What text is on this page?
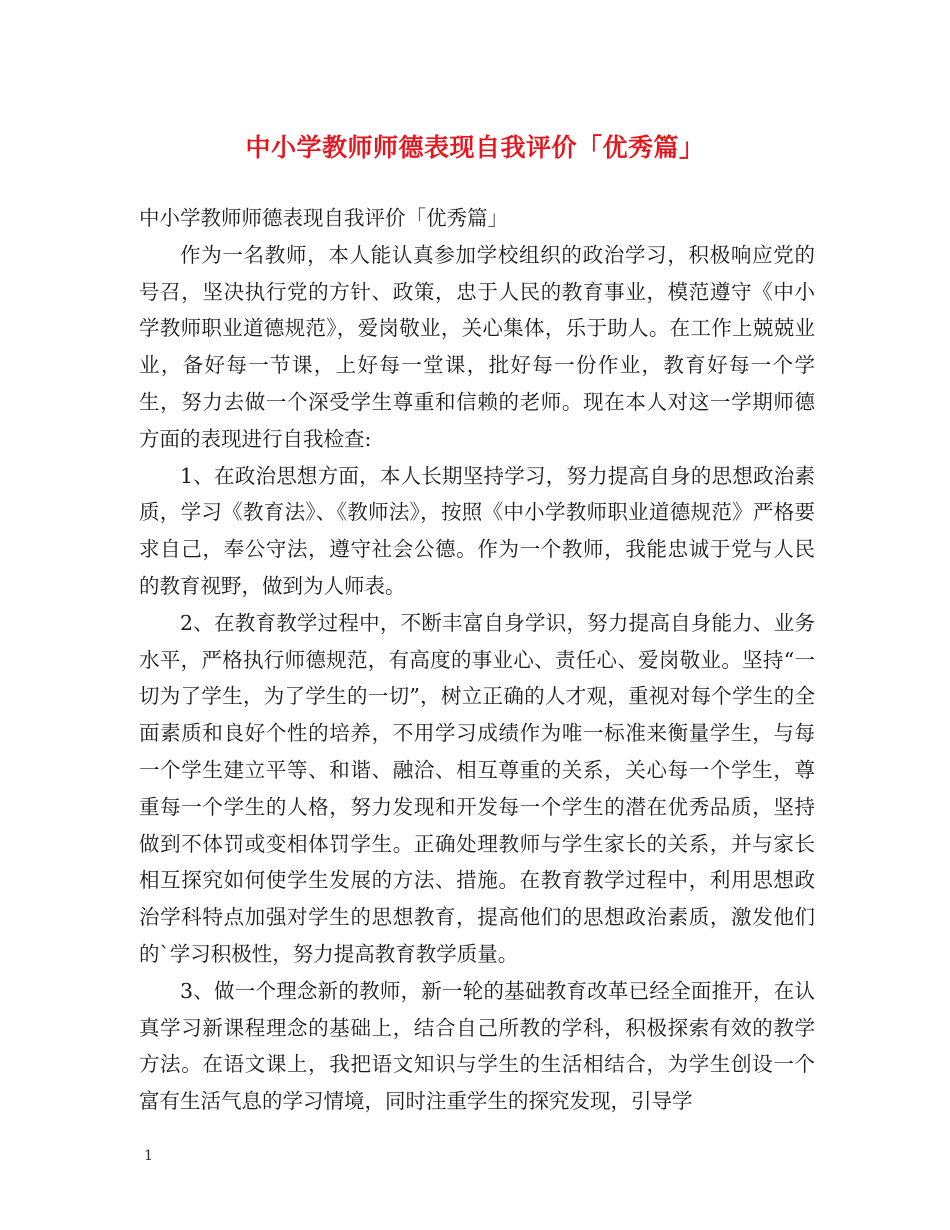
中小学教师师德表现自我评价「优秀篇」

中小学教师师德表现自我评价「优秀篇」

作为一名教师，本人能认真参加学校组织的政治学习，积极响应党的号召，坚决执行党的方针、政策，忠于人民的教育事业，模范遵守《中小学教师职业道德规范》，爱岗敬业，关心集体，乐于助人。在工作上兢兢业业，备好每一节课，上好每一堂课，批好每一份作业，教育好每一个学生，努力去做一个深受学生尊重和信赖的老师。现在本人对这一学期师德方面的表现进行自我检查:

1、在政治思想方面，本人长期坚持学习，努力提高自身的思想政治素质，学习《教育法》、《教师法》，按照《中小学教师职业道德规范》严格要求自己，奉公守法，遵守社会公德。作为一个教师，我能忠诚于党与人民的教育视野，做到为人师表。

2、在教育教学过程中，不断丰富自身学识，努力提高自身能力、业务水平，严格执行师德规范，有高度的事业心、责任心、爱岗敬业。坚持“一切为了学生，为了学生的一切”，树立正确的人才观，重视对每个学生的全面素质和良好个性的培养，不用学习成绩作为唯一标准来衡量学生，与每一个学生建立平等、和谐、融洽、相互尊重的关系，关心每一个学生，尊重每一个学生的人格，努力发现和开发每一个学生的潜在优秀品质，坚持做到不体罚或变相体罚学生。正确处理教师与学生家长的关系，并与家长相互探究如何使学生发展的方法、措施。在教育教学过程中，利用思想政治学科特点加强对学生的思想教育，提高他们的思想政治素质，激发他们的`学习积极性，努力提高教育教学质量。

3、做一个理念新的教师，新一轮的基础教育改革已经全面推开，在认真学习新课程理念的基础上，结合自己所教的学科，积极探索有效的教学方法。在语文课上，我把语文知识与学生的生活相结合，为学生创设一个富有生活气息的学习情境，同时注重学生的探究发现，引导学

1
